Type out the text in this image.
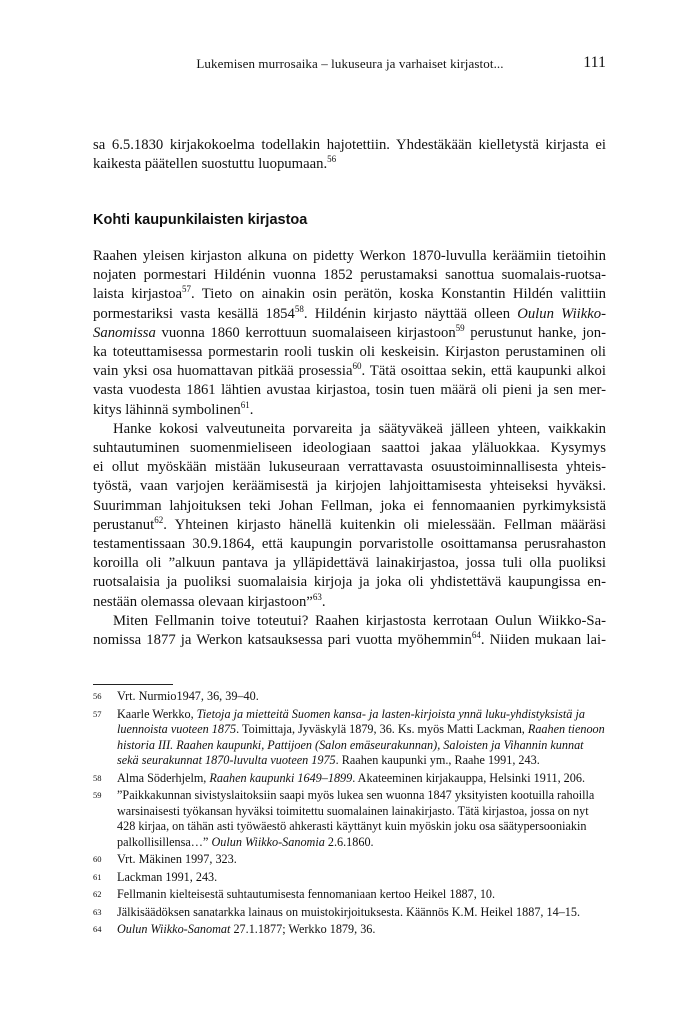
Lukemisen murrosaika – lukuseura ja varhaiset kirjastot...	111

sa 6.5.1830 kirjakokoelma todellakin hajotettiin. Yhdestäkään kielletystä kirjasta ei

kaikesta päätellen suostuttu luopumaan.$^{56}$

Kohti kaupunkilaisten kirjastoa

Raahen yleisen kirjaston alkuna on pidetty Werkon 1870-luvulla keräämiin tietoihin

nojaten pormestari Hildénin vuonna 1852 perustamaksi sanottua suomalais-ruotsa-

laista kirjastoa$^{57}$. Tieto on ainakin osin perätön, koska Konstantin Hildén valittiin

pormestariksi vasta kesällä 1854$^{58}$. Hildénin kirjasto näyttää olleen Oulun Wiikko-

Sanomissa vuonna 1860 kerrottuun suomalaiseen kirjastoon$^{59}$ perustunut hanke, jon-

ka toteuttamisessa pormestarin rooli tuskin oli keskeisin. Kirjaston perustaminen oli

vain yksi osa huomattavan pitkää prosessia$^{60}$. Tätä osoittaa sekin, että kaupunki alkoi

vasta vuodesta 1861 lähtien avustaa kirjastoa, tosin tuen määrä oli pieni ja sen mer-

kitys lähinnä symbolinen$^{61}$.

Hanke kokosi valveutuneita porvareita ja säätyväkeä jälleen yhteen, vaikkakin

suhtautuminen suomenmieliseen ideologiaan saattoi jakaa yläluokkaa. Kysymys

ei ollut myöskään mistään lukuseuraan verrattavasta osuustoiminnallisesta yhteis-

työstä, vaan varjojen keräämisestä ja kirjojen lahjoittamisesta yhteiseksi hyväksi.

Suurimman lahjoituksen teki Johan Fellman, joka ei fennomaanien pyrkimyksistä

perustanut$^{62}$. Yhteinen kirjasto hänellä kuitenkin oli mielessään. Fellman määräsi

testamentissaan 30.9.1864, että kaupungin porvaristolle osoittamansa perusrahaston

koroilla oli ”alkuun pantava ja ylläpidettävä lainakirjastoa, jossa tuli olla puoliksi

ruotsalaisia ja puoliksi suomalaisia kirjoja ja joka oli yhdistettävä kaupungissa en-

nestään olemassa olevaan kirjastoon”$^{63}$.

Miten Fellmanin toive toteutui? Raahen kirjastosta kerrotaan Oulun Wiikko-Sa-

nomissa 1877 ja Werkon katsauksessa pari vuotta myöhemmin$^{64}$. Niiden mukaan lai-

56 Vrt. Nurmio1947, 36, 39–40.
57 Kaarle Werkko, Tietoja ja mietteitä Suomen kansa- ja lasten-kirjoista ynnä luku-yhdistyksistä ja luennoista vuoteen 1875. Toimittaja, Jyväskylä 1879, 36. Ks. myös Matti Lackman, Raahen tienoon historia III. Raahen kaupunki, Pattijoen (Salon emäseurakunnan), Saloisten ja Vihannin kunnat sekä seurakunnat 1870-luvulta vuoteen 1975. Raahen kaupunki ym., Raahe 1991, 243.
58 Alma Söderhjelm, Raahen kaupunki 1649–1899. Akateeminen kirjakauppa, Helsinki 1911, 206.
59 ”Paikkakunnan sivistyslaitoksiin saapi myös lukea sen wuonna 1847 yksityisten kootuilla rahoilla warsinaisesti työkansan hyväksi toimitettu suomalainen lainakirjasto. Tätä kirjastoa, jossa on nyt 428 kirjaa, on tähän asti työwäestö ahkerasti käyttänyt kuin myöskin joku osa säätypersooniakin palkollisillensa…” Oulun Wiikko-Sanomia 2.6.1860.
60 Vrt. Mäkinen 1997, 323.
61 Lackman 1991, 243.
62 Fellmanin kielteisestä suhtautumisesta fennomaniaan kertoo Heikel 1887, 10.
63 Jälkisäädöksen sanatarkka lainaus on muistokirjoituksesta. Käännös K.M. Heikel 1887, 14–15.
64 Oulun Wiikko-Sanomat 27.1.1877; Werkko 1879, 36.
